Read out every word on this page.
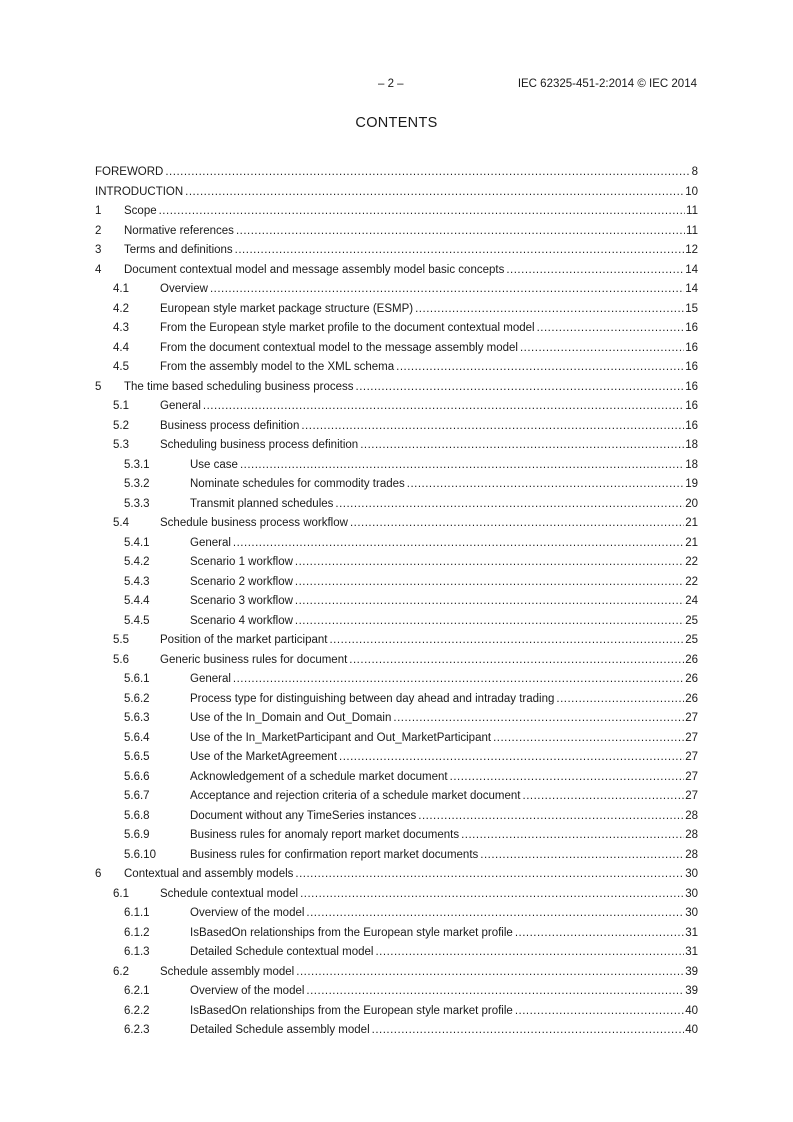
– 2 –	IEC 62325-451-2:2014 © IEC 2014
CONTENTS
FOREWORD .....	8
INTRODUCTION .....	10
1	Scope .....	11
2	Normative references .....	11
3	Terms and definitions .....	12
4	Document contextual model and message assembly model basic concepts .....	14
4.1	Overview .....	14
4.2	European style market package structure (ESMP) .....	15
4.3	From the European style market profile to the document contextual model .....	16
4.4	From the document contextual model to the message assembly model .....	16
4.5	From the assembly model to the XML schema .....	16
5	The time based scheduling business process .....	16
5.1	General .....	16
5.2	Business process definition .....	16
5.3	Scheduling business process definition .....	18
5.3.1	Use case .....	18
5.3.2	Nominate schedules for commodity trades .....	19
5.3.3	Transmit planned schedules .....	20
5.4	Schedule business process workflow .....	21
5.4.1	General .....	21
5.4.2	Scenario 1 workflow .....	22
5.4.3	Scenario 2 workflow .....	22
5.4.4	Scenario 3 workflow .....	24
5.4.5	Scenario 4 workflow .....	25
5.5	Position of the market participant .....	25
5.6	Generic business rules for document .....	26
5.6.1	General .....	26
5.6.2	Process type for distinguishing between day ahead and intraday trading .....	26
5.6.3	Use of the In_Domain and Out_Domain .....	27
5.6.4	Use of the In_MarketParticipant and Out_MarketParticipant .....	27
5.6.5	Use of the MarketAgreement .....	27
5.6.6	Acknowledgement of a schedule market document .....	27
5.6.7	Acceptance and rejection criteria of a schedule market document .....	27
5.6.8	Document without any TimeSeries instances .....	28
5.6.9	Business rules for anomaly report market documents .....	28
5.6.10	Business rules for confirmation report market documents .....	28
6	Contextual and assembly models .....	30
6.1	Schedule contextual model .....	30
6.1.1	Overview of the model .....	30
6.1.2	IsBasedOn relationships from the European style market profile .....	31
6.1.3	Detailed Schedule contextual model .....	31
6.2	Schedule assembly model .....	39
6.2.1	Overview of the model .....	39
6.2.2	IsBasedOn relationships from the European style market profile .....	40
6.2.3	Detailed Schedule assembly model .....	40
